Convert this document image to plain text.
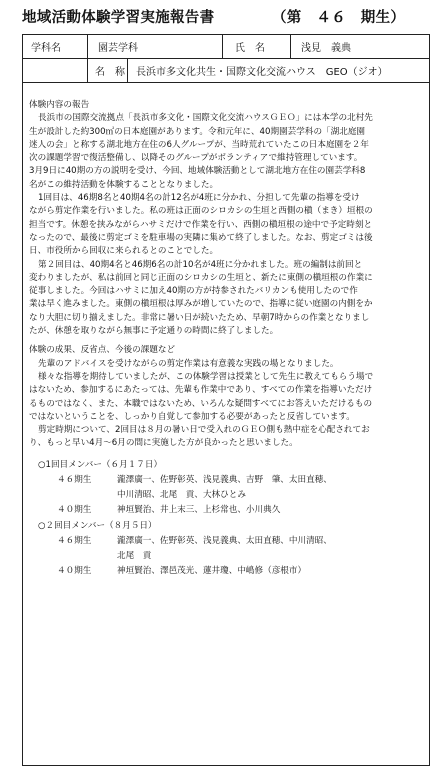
地域活動体験学習実施報告書	（第　４６　期生）
学科名	園芸学科	氏　名	浅見　義典
名　称	長浜市多文化共生・国際文化交流ハウス　GEO（ジオ）
体験内容の報告
長浜市の国際交流拠点「長浜市多文化・国際文化交流ハウスＧＥＯ」には本学の北村先
生が設計した約300㎡の日本庭園があります。令和元年に、40期園芸学科の「湖北庭園
迷人の会」と称する湖北地方在住の6人グループが、当時荒れていたこの日本庭園を２年
次の課題学習で復活整備し、以降そのグループがボランティアで維持管理しています。
3月9日に40期の方の説明を受け、今回、地域体験活動として湖北地方在住の園芸学科8
名がこの維持活動を体験することとなりました。
1回目は、46期8名と40期4名の計12名が4班に分かれ、分担して先輩の指導を受け
ながら剪定作業を行いました。私の班は正面のシロカシの生垣と西側の槇（まき）垣根の
担当です。休憩を挟みながらハサミだけで作業を行い、西側の槇垣根の途中で予定時刻と
なったので、最後に剪定ゴミを駐車場の実隣に集めて終了しました。なお、剪定ゴミは後
日、市役所から回収に来られるとのことでした。
第２回目は、40期4名と46期6名の計10名が4班に分かれました。班の編制は前回と
変わりましたが、私は前回と同じ正面のシロカシの生垣と、新たに東側の槇垣根の作業に
従事しました。今回はハサミに加え40期の方が持参されたバリカンも使用したので作
業は早く進みました。東側の槇垣根は厚みが増していたので、指導に従い庭園の内側をか
なり大胆に切り揃えました。非常に暑い日が続いたため、早朝7時からの作業となりまし
たが、休憩を取りながら無事に予定通りの時間に終了しました。
体験の成果、反省点、今後の課題など
先輩のアドバイスを受けながらの剪定作業は有意義な実践の場となりました。
様々な指導を期待していましたが、この体験学習は授業として先生に教えてもらう場で
はないため、参加するにあたっては、先輩も作業中であり、すべての作業を指導いただけ
るものではなく、また、本職ではないため、いろんな疑問すべてにお答えいただけるもの
ではないということを、しっかり自覚して参加する必要があったと反省しています。
剪定時期について、2回目は８月の暑い日で受入れのＧＥＯ側も熱中症を心配されてお
り、もっと早い4月～6月の間に実施した方が良かったと思いました。
○1回目メンバー（６月１７日）
４６期生	瀧澤廣一、佐野彰英、浅見義典、吉野　肇、太田直穂、
中川清昭、北尾　貢、大林ひとみ
４０期生	神垣賢治、井上末三、上杉常也、小川典久
○２回目メンバー（８月５日）
４６期生	瀧澤廣一、佐野彰英、浅見義典、太田直穂、中川清昭、
北尾　貢
４０期生	神垣賢治、澤邑茂光、蓮井瓊、中嶋修（彦根市）
